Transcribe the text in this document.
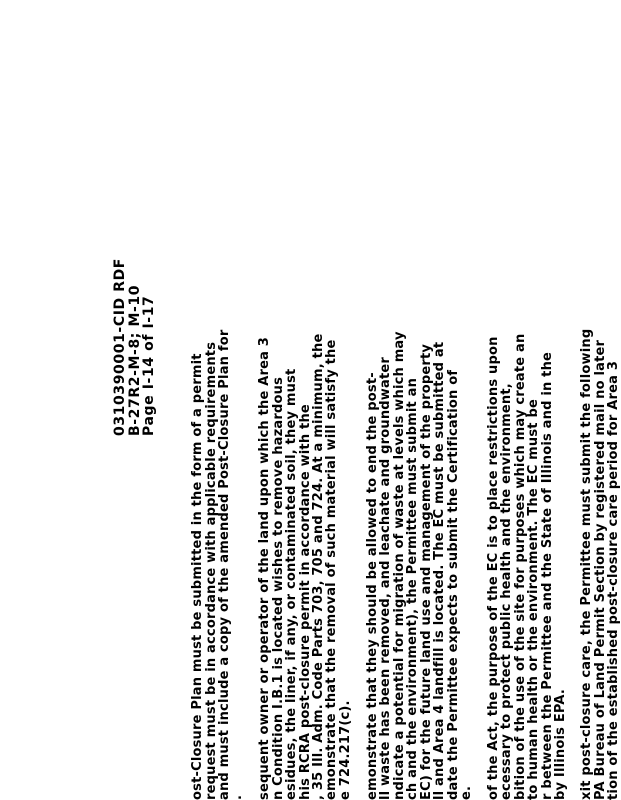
0310390001-CID RDF B-27R2-M-8; M-10
Page I-14 of I-17	ost-Closure Plan must be submitted in the form of a permit request must be in accordance with applicable requirements
and must include a copy of the amended Post-Closure Plan for
. sequent owner or operator of the land upon which the Area 3 n Condition I.B.1 is located wishes to remove hazardous
esidues, the liner, if any, or contaminated soil, they must his RCRA post-closure permit in accordance with the
, 35 Ill. Adm. Code Parts 703, 705 and 724. At a minimum, the
emonstrate that the removal of such material will satisfy the e 724.217(c). emonstrate that they should be allowed to end the post-
ll waste has been removed, and leachate and groundwater ndicate a potential for migration of waste at levels which may
ch and the environment), the Permittee must submit an EC) for the future land use and management of the property
ll and Area 4 landfill is located. The EC must be submitted at date the Permittee expects to submit the Certification of
e. of the Act, the purpose of the EC is to place restrictions upon
ecessary to protect public health and the environment, bition of the use of the site for purposes which may create an
to human health or the environment. The EC must be r between the Permittee and the State of Illinois and in the
by Illinois EPA. xit post-closure care, the Permittee must submit the following PA Bureau of Land Permit Section by registered mail no later
tion of the established post-closure care period for Area 3
